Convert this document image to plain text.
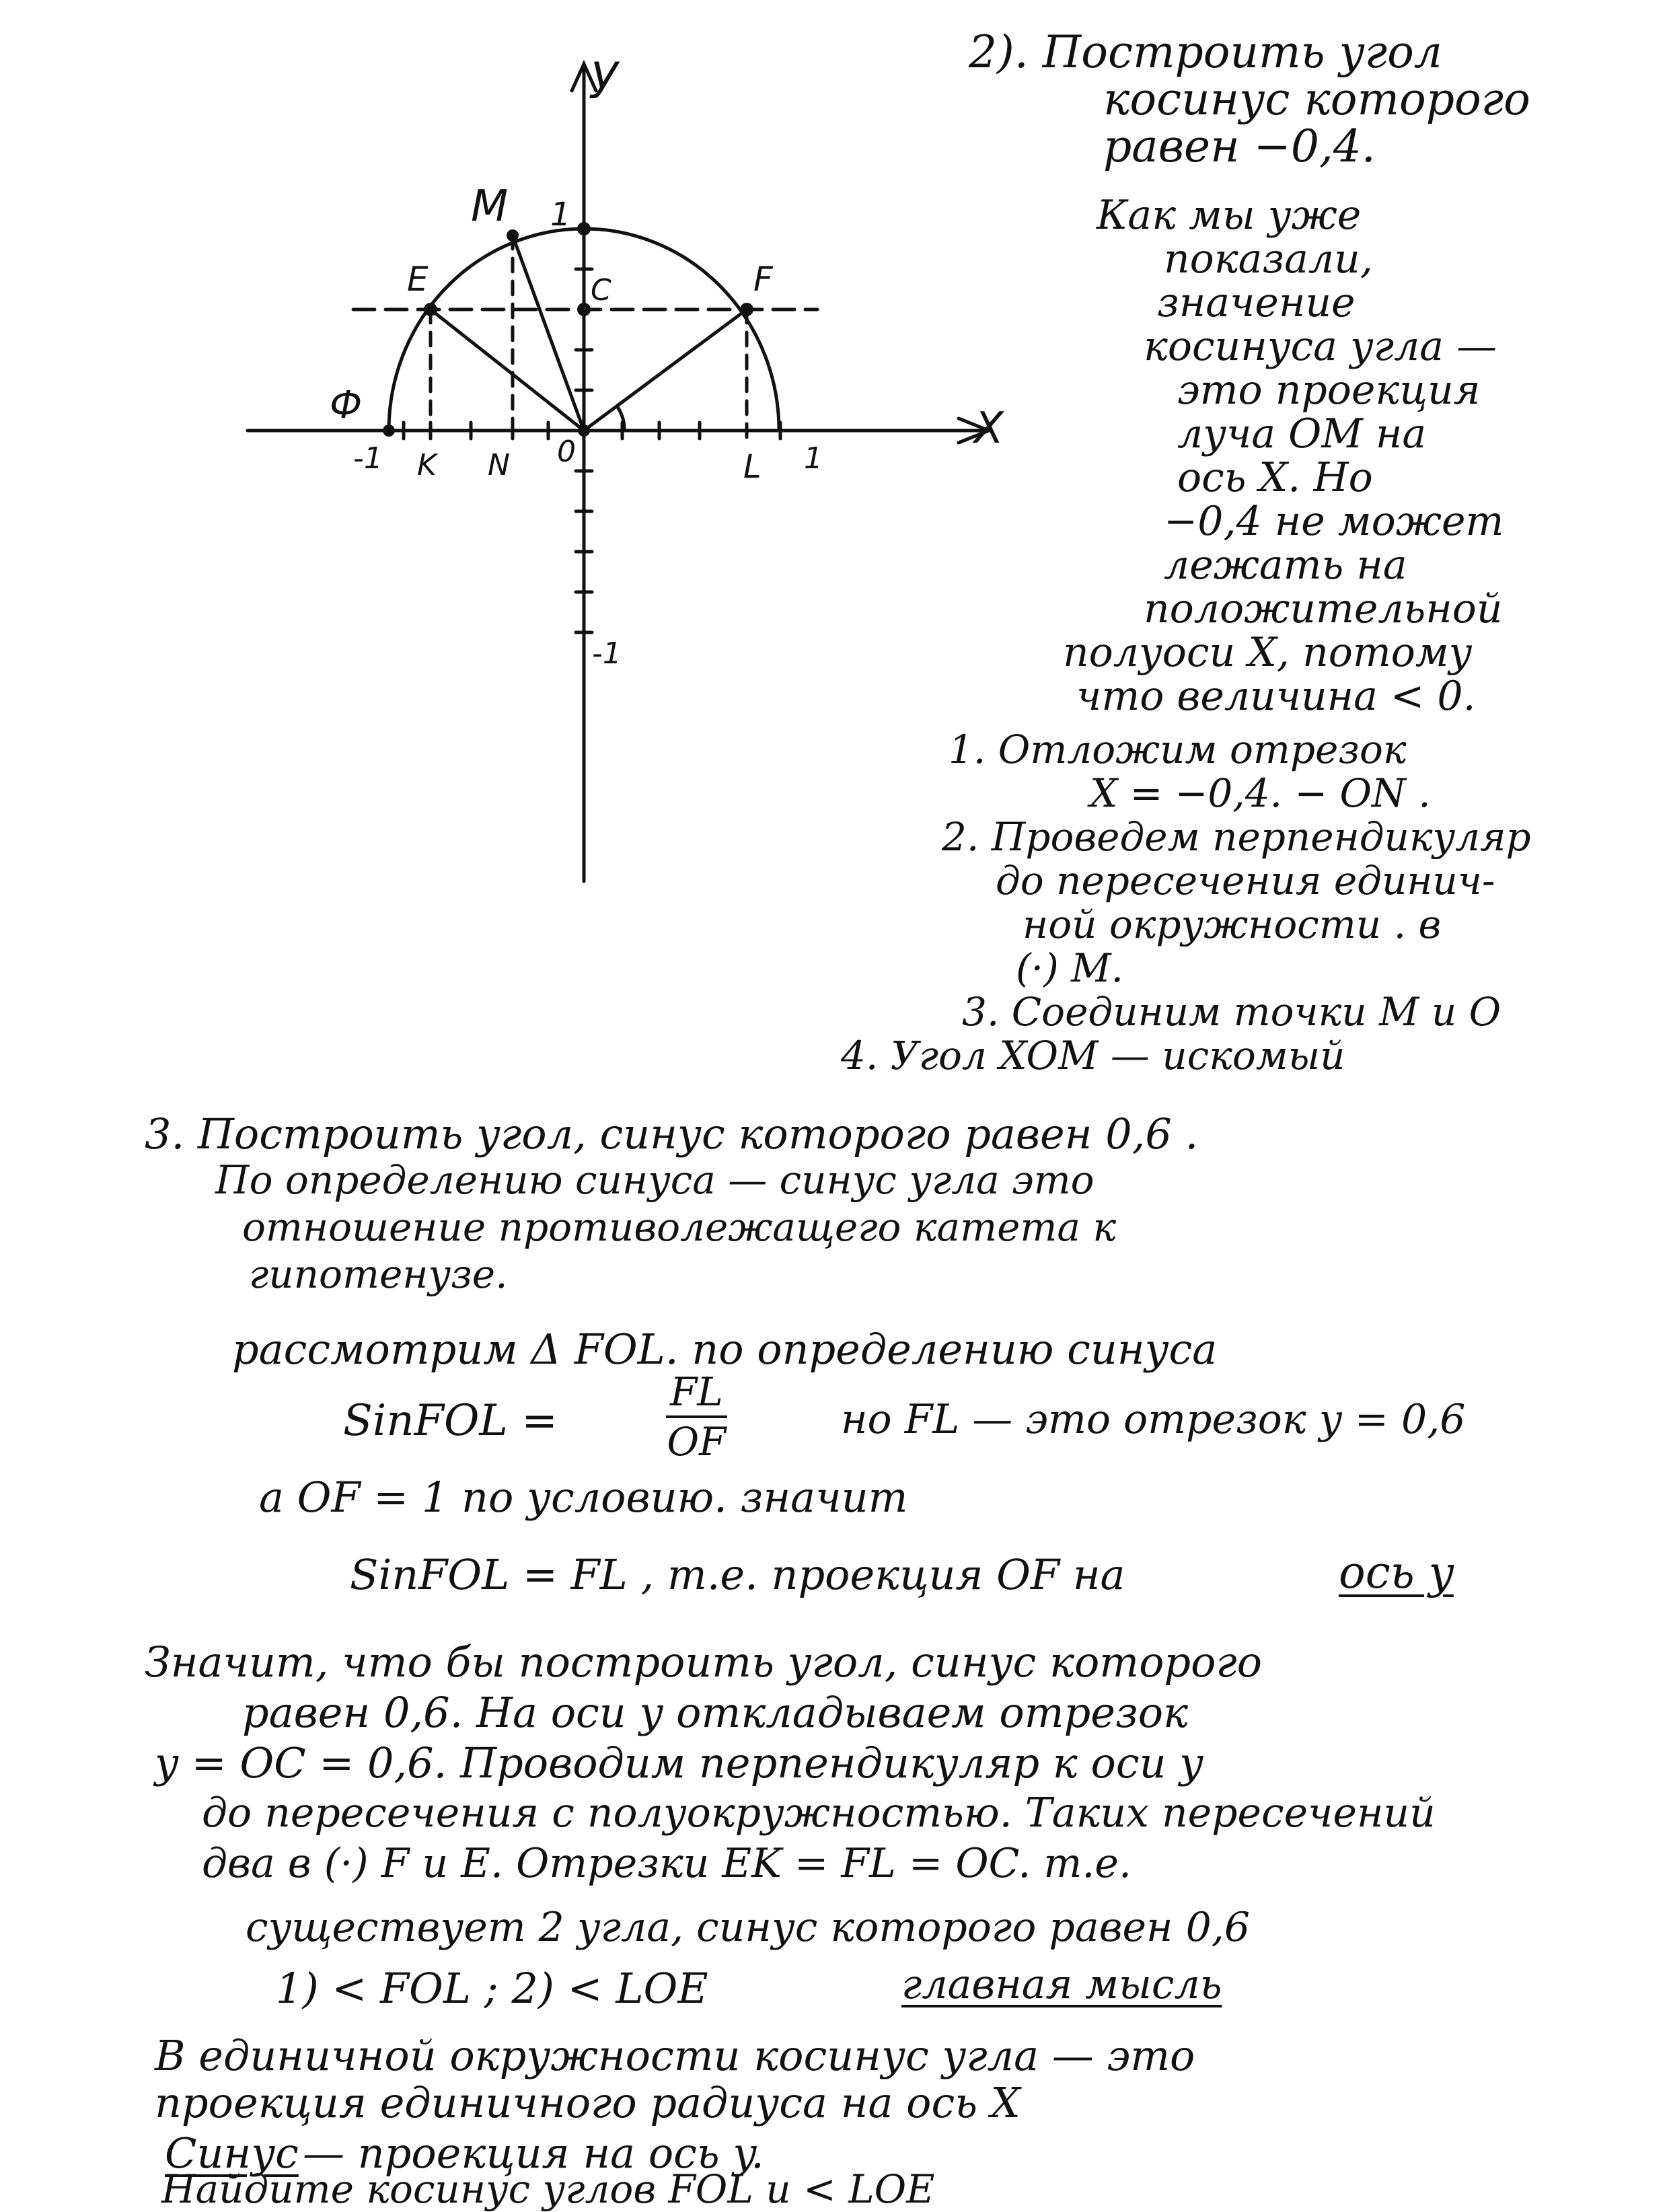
y
X
1
M
E	C	F
Ф
-1 K N 0	L 1
-1
2). Построить угол
косинус которого
равен −0,4.
Как мы уже
показали,
значение
косинуса угла —
это проекция
луча ОМ на
ось X. Но
−0,4 не может
лежать на
положительной
полуоси X, потому
что величина < 0.
1. Отложим отрезок
X = −0,4. − ON .
2. Проведем перпендикуляр
до пересечения единич-
ной окружности . в
(·) M.
3. Соединим точки M и O
4. Угол XOM — искомый
3. Построить угол, синус которого равен 0,6 .
По определению синуса — синус угла это
отношение противолежащего катета к
гипотенузе.
рассмотрим Δ FOL. по определению синуса
SinFOL =	$\frac{FL}{OF}$	но FL — это отрезок y = 0,6
а OF = 1 по условию. значит
SinFOL = FL , т.е. проекция OF на	ось y
Значит, что бы построить угол, синус которого
равен 0,6. На оси y откладываем отрезок
y = OC = 0,6. Проводим перпендикуляр к оси y
до пересечения с полуокружностью. Таких пересечений
два в (·) F и E. Отрезки EK = FL = OC. т.е.
существует 2 угла, синус которого равен 0,6
1) < FOL ; 2) < LOE	главная мысль
В единичной окружности косинус угла — это
проекция единичного радиуса на ось X
Синус — проекция на ось y.
Найдите косинус углов FOL и < LOE
